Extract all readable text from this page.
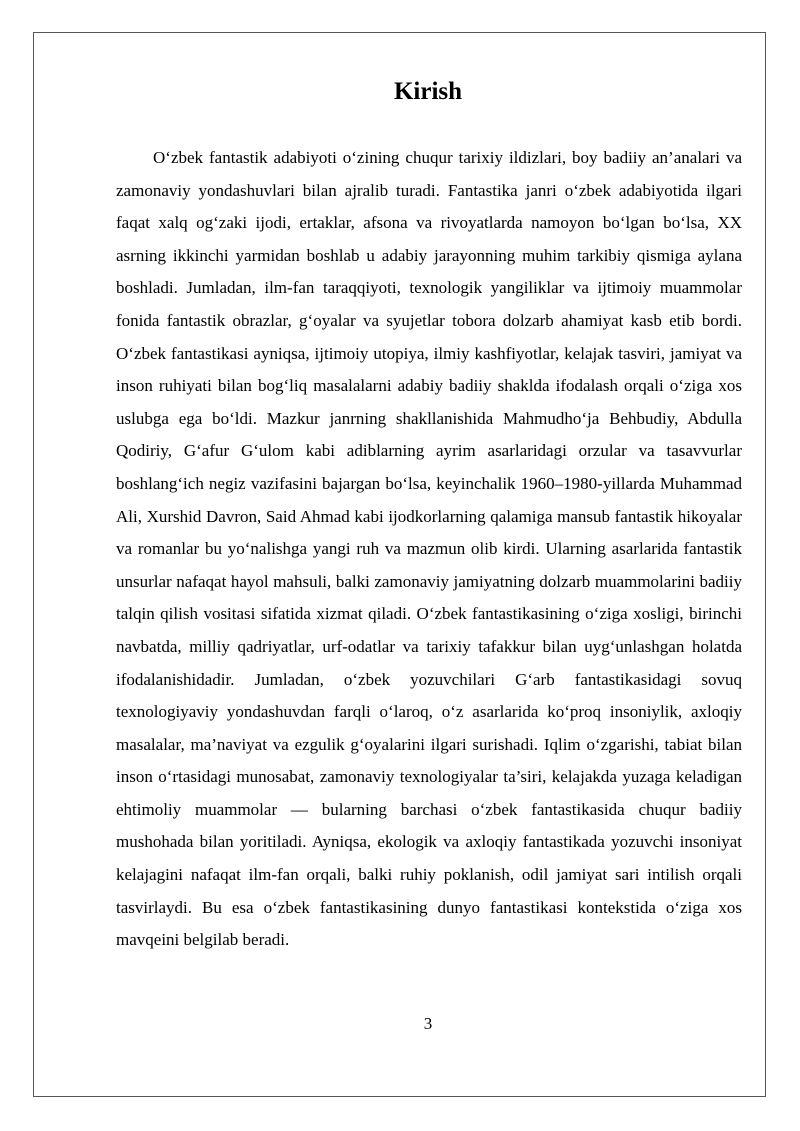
Kirish

O‘zbek fantastik adabiyoti o‘zining chuqur tarixiy ildizlari, boy badiiy an’analari va zamonaviy yondashuvlari bilan ajralib turadi. Fantastika janri o‘zbek adabiyotida ilgari faqat xalq og‘zaki ijodi, ertaklar, afsona va rivoyatlarda namoyon bo‘lgan bo‘lsa, XX asrning ikkinchi yarmidan boshlab u adabiy jarayonning muhim tarkibiy qismiga aylana boshladi. Jumladan, ilm-fan taraqqiyoti, texnologik yangiliklar va ijtimoiy muammolar fonida fantastik obrazlar, g‘oyalar va syujetlar tobora dolzarb ahamiyat kasb etib bordi. O‘zbek fantastikasi ayniqsa, ijtimoiy utopiya, ilmiy kashfiyotlar, kelajak tasviri, jamiyat va inson ruhiyati bilan bog‘liq masalalarni adabiy badiiy shaklda ifodalash orqali o‘ziga xos uslubga ega bo‘ldi. Mazkur janrning shakllanishida Mahmudho‘ja Behbudiy, Abdulla Qodiriy, G‘afur G‘ulom kabi adiblarning ayrim asarlaridagi orzular va tasavvurlar boshlang‘ich negiz vazifasini bajargan bo‘lsa, keyinchalik 1960–1980-yillarda Muhammad Ali, Xurshid Davron, Said Ahmad kabi ijodkorlarning qalamiga mansub fantastik hikoyalar va romanlar bu yo‘nalishga yangi ruh va mazmun olib kirdi. Ularning asarlarida fantastik unsurlar nafaqat hayol mahsuli, balki zamonaviy jamiyatning dolzarb muammolarini badiiy talqin qilish vositasi sifatida xizmat qiladi. O‘zbek fantastikasining o‘ziga xosligi, birinchi navbatda, milliy qadriyatlar, urf-odatlar va tarixiy tafakkur bilan uyg‘unlashgan holatda ifodalanishidadir. Jumladan, o‘zbek yozuvchilari G‘arb fantastikasidagi sovuq texnologiyaviy yondashuvdan farqli o‘laroq, o‘z asarlarida ko‘proq insoniylik, axloqiy masalalar, ma’naviyat va ezgulik g‘oyalarini ilgari surishadi. Iqlim o‘zgarishi, tabiat bilan inson o‘rtasidagi munosabat, zamonaviy texnologiyalar ta’siri, kelajakda yuzaga keladigan ehtimoliy muammolar — bularning barchasi o‘zbek fantastikasida chuqur badiiy mushohada bilan yoritiladi. Ayniqsa, ekologik va axloqiy fantastikada yozuvchi insoniyat kelajagini nafaqat ilm-fan orqali, balki ruhiy poklanish, odil jamiyat sari intilish orqali tasvirlaydi. Bu esa o‘zbek fantastikasining dunyo fantastikasi kontekstida o‘ziga xos mavqeini belgilab beradi.

3
